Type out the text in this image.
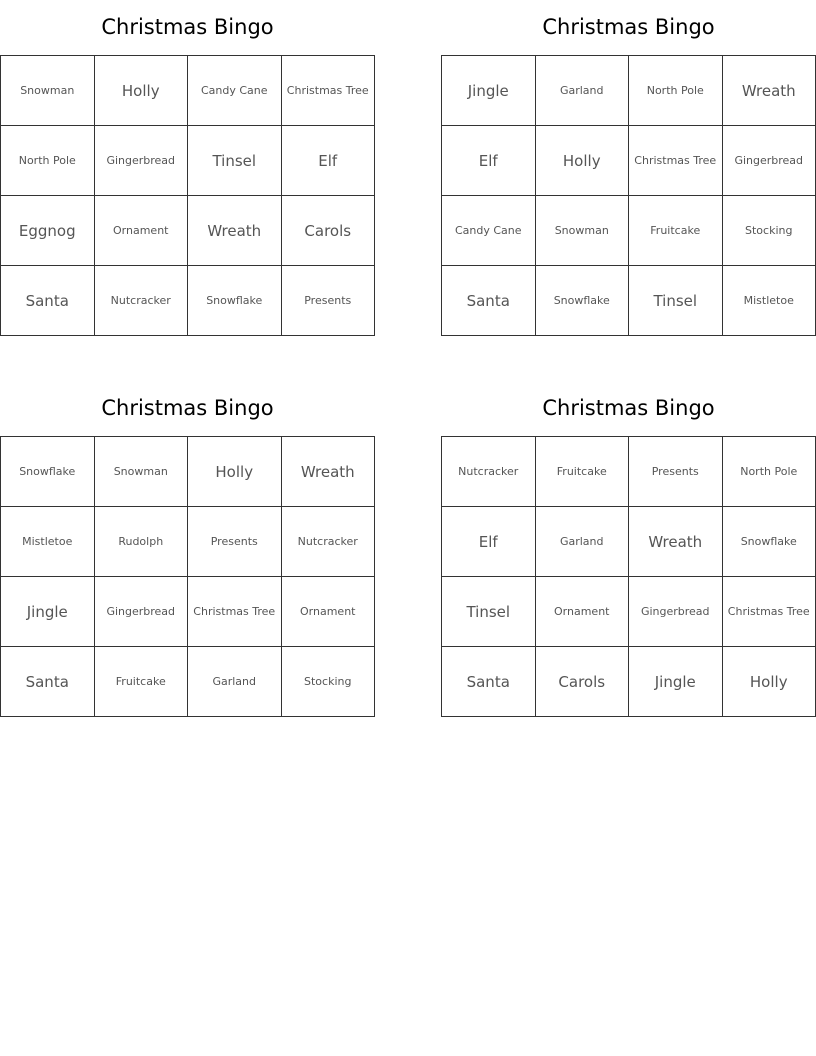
Christmas Bingo
Snowman	Holly	Candy Cane	Christmas Tree
North Pole	Gingerbread	Tinsel	Elf
Eggnog	Ornament	Wreath	Carols
Santa	Nutcracker	Snowflake	Presents
Christmas Bingo
Jingle	Garland	North Pole	Wreath
Elf	Holly	Christmas Tree	Gingerbread
Candy Cane	Snowman	Fruitcake	Stocking
Santa	Snowflake	Tinsel	Mistletoe
Christmas Bingo
Snowflake	Snowman	Holly	Wreath
Mistletoe	Rudolph	Presents	Nutcracker
Jingle	Gingerbread	Christmas Tree	Ornament
Santa	Fruitcake	Garland	Stocking
Christmas Bingo
Nutcracker	Fruitcake	Presents	North Pole
Elf	Garland	Wreath	Snowflake
Tinsel	Ornament	Gingerbread	Christmas Tree
Santa	Carols	Jingle	Holly
